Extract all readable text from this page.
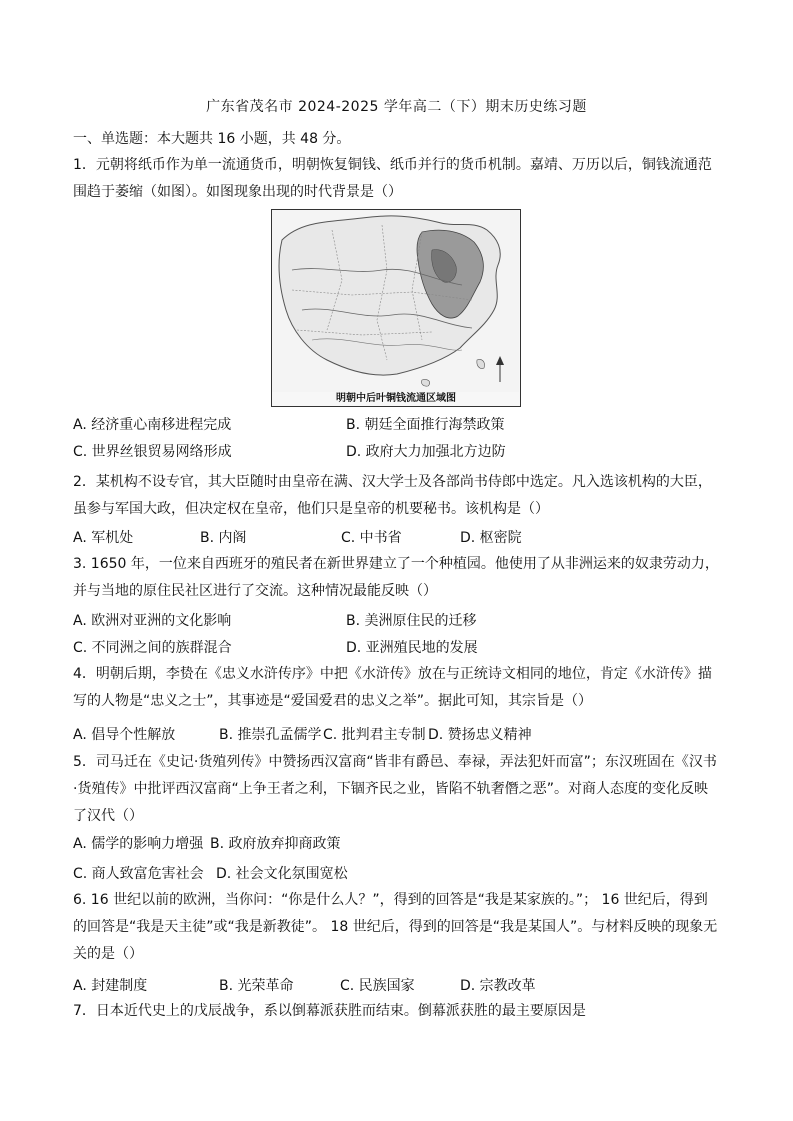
广东省茂名市 2024-2025 学年高二（下）期末历史练习题
一、单选题：本大题共 16 小题，共 48 分。
1．元朝将纸币作为单一流通货币，明朝恢复铜钱、纸币并行的货币机制。嘉靖、万历以后，铜钱流通范围趋于萎缩（如图）。如图现象出现的时代背景是（）
明朝中后叶铜钱流通区域图
A. 经济重心南移进程完成	B. 朝廷全面推行海禁政策
C. 世界丝银贸易网络形成	D. 政府大力加强北方边防
2．某机构不设专官，其大臣随时由皇帝在满、汉大学士及各部尚书侍郎中选定。凡入选该机构的大臣，虽参与军国大政，但决定权在皇帝，他们只是皇帝的机要秘书。该机构是（）
A. 军机处	B. 内阁	C. 中书省	D. 枢密院
3. 1650 年，一位来自西班牙的殖民者在新世界建立了一个种植园。他使用了从非洲运来的奴隶劳动力，并与当地的原住民社区进行了交流。这种情况最能反映（）
A. 欧洲对亚洲的文化影响	B. 美洲原住民的迁移
C. 不同洲之间的族群混合	D. 亚洲殖民地的发展
4．明朝后期，李贽在《忠义水浒传序》中把《水浒传》放在与正统诗文相同的地位，肯定《水浒传》描写的人物是“忠义之士”，其事迹是“爱国爱君的忠义之举”。据此可知，其宗旨是（）
A. 倡导个性解放	B. 推崇孔孟儒学 C. 批判君主专制 D. 赞扬忠义精神
5．司马迁在《史记·货殖列传》中赞扬西汉富商“皆非有爵邑、奉禄，弄法犯奸而富”；东汉班固在《汉书·货殖传》中批评西汉富商“上争王者之利，下锢齐民之业，皆陷不轨奢僭之恶”。对商人态度的变化反映了汉代（）
A. 儒学的影响力增强 B. 政府放弃抑商政策
C. 商人致富危害社会 D. 社会文化氛围宽松
6. 16 世纪以前的欧洲，当你问：“你是什么人？”，得到的回答是“我是某家族的。”； 16 世纪后，得到的回答是“我是天主徒”或“我是新教徒”。 18 世纪后，得到的回答是“我是某国人”。与材料反映的现象无关的是（）
A. 封建制度	B. 光荣革命	C. 民族国家	D. 宗教改革
7．日本近代史上的戊辰战争，系以倒幕派获胜而结束。倒幕派获胜的最主要原因是
